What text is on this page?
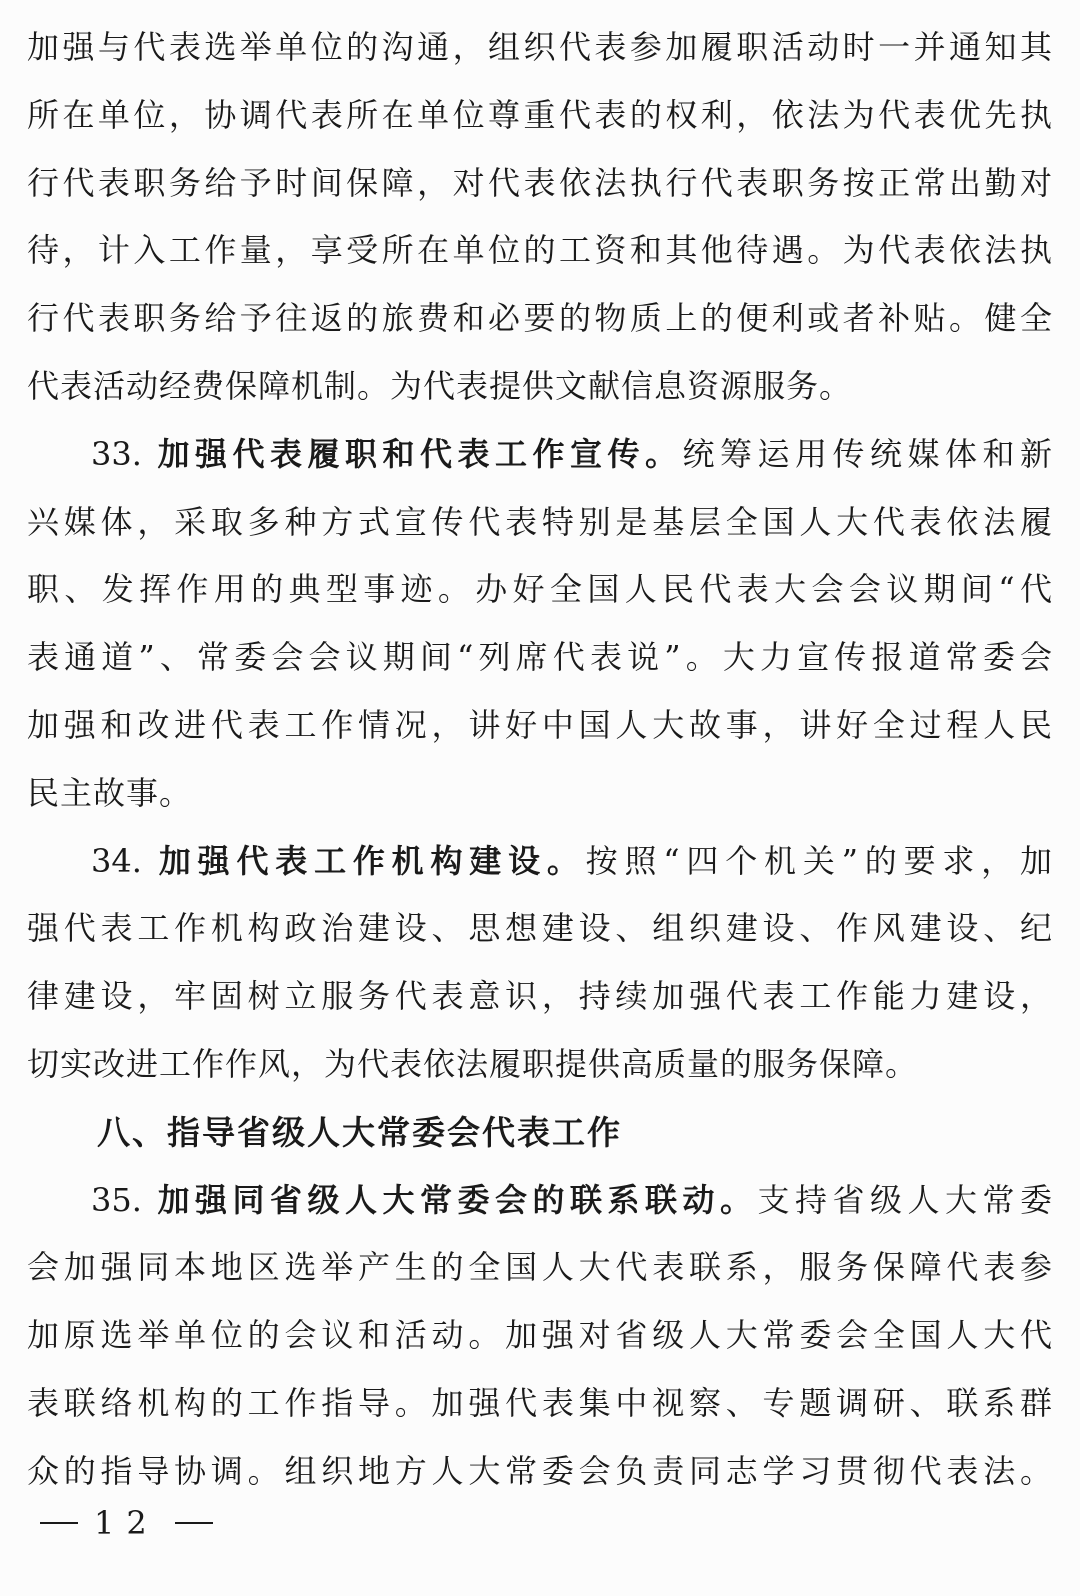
加强与代表选举单位的沟通，组织代表参加履职活动时一并通知其
所在单位，协调代表所在单位尊重代表的权利，依法为代表优先执
行代表职务给予时间保障，对代表依法执行代表职务按正常出勤对
待，计入工作量，享受所在单位的工资和其他待遇。为代表依法执
行代表职务给予往返的旅费和必要的物质上的便利或者补贴。健全
代表活动经费保障机制。为代表提供文献信息资源服务。
33. 加强代表履职和代表工作宣传。统筹运用传统媒体和新
兴媒体，采取多种方式宣传代表特别是基层全国人大代表依法履
职、发挥作用的典型事迹。办好全国人民代表大会会议期间“代
表通道”、常委会会议期间“列席代表说”。大力宣传报道常委会
加强和改进代表工作情况，讲好中国人大故事，讲好全过程人民
民主故事。
34. 加强代表工作机构建设。按照“四个机关”的要求，加
强代表工作机构政治建设、思想建设、组织建设、作风建设、纪
律建设，牢固树立服务代表意识，持续加强代表工作能力建设，
切实改进工作作风，为代表依法履职提供高质量的服务保障。
八、指导省级人大常委会代表工作
35. 加强同省级人大常委会的联系联动。支持省级人大常委
会加强同本地区选举产生的全国人大代表联系，服务保障代表参
加原选举单位的会议和活动。加强对省级人大常委会全国人大代
表联络机构的工作指导。加强代表集中视察、专题调研、联系群
众的指导协调。组织地方人大常委会负责同志学习贯彻代表法。
12
